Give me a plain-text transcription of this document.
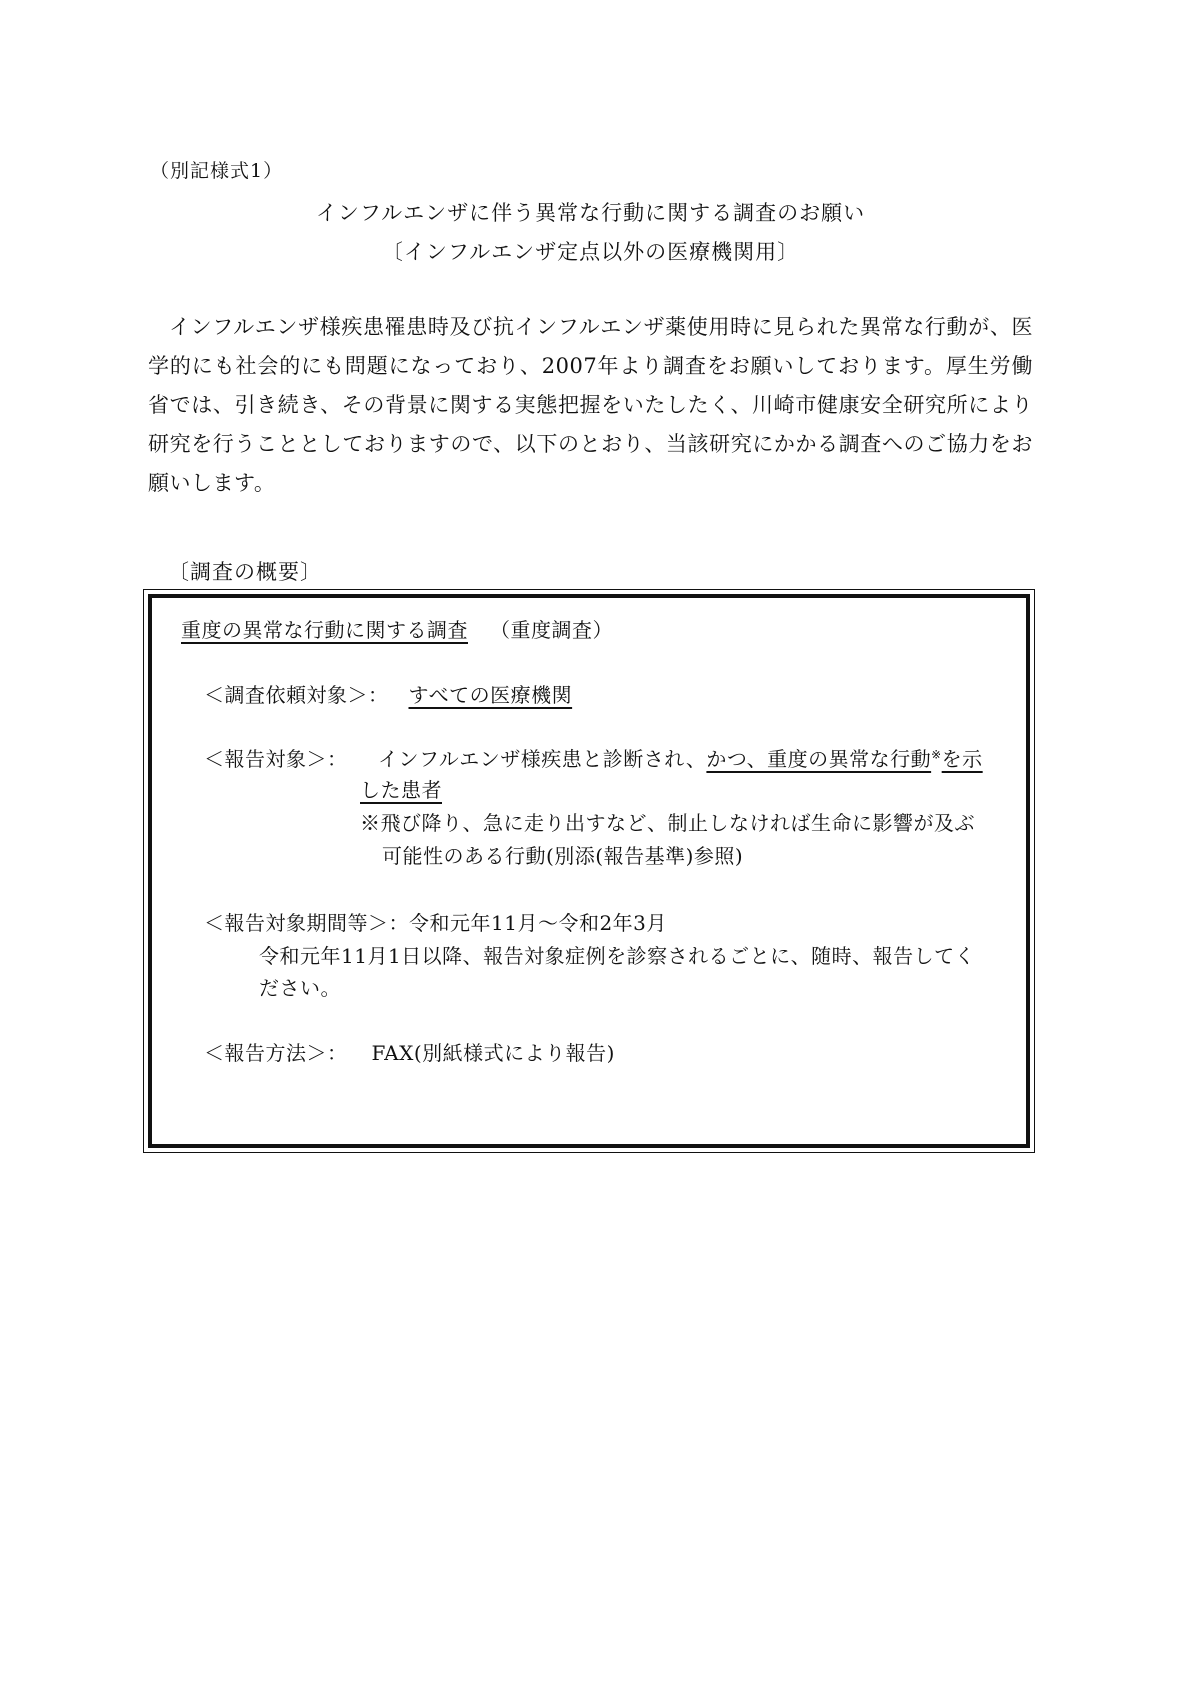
（別記様式1）
インフルエンザに伴う異常な行動に関する調査のお願い
〔インフルエンザ定点以外の医療機関用〕
インフルエンザ様疾患罹患時及び抗インフルエンザ薬使用時に見られた異常な行動が、医学的にも社会的にも問題になっており、2007年より調査をお願いしております。厚生労働省では、引き続き、その背景に関する実態把握をいたしたく、川崎市健康安全研究所により研究を行うこととしておりますので、以下のとおり、当該研究にかかる調査へのご協力をお願いします。
〔調査の概要〕
重度の異常な行動に関する調査 （重度調査）
＜調査依頼対象＞： すべての医療機関
＜報告対象＞： インフルエンザ様疾患と診断され、かつ、重度の異常な行動※を示
した患者
※飛び降り、急に走り出すなど、制止しなければ生命に影響が及ぶ
可能性のある行動(別添(報告基準)参照)
＜報告対象期間等＞：令和元年11月～令和2年3月
令和元年11月1日以降、報告対象症例を診察されるごとに、随時、報告してく
ださい。
＜報告方法＞： FAX(別紙様式により報告)
